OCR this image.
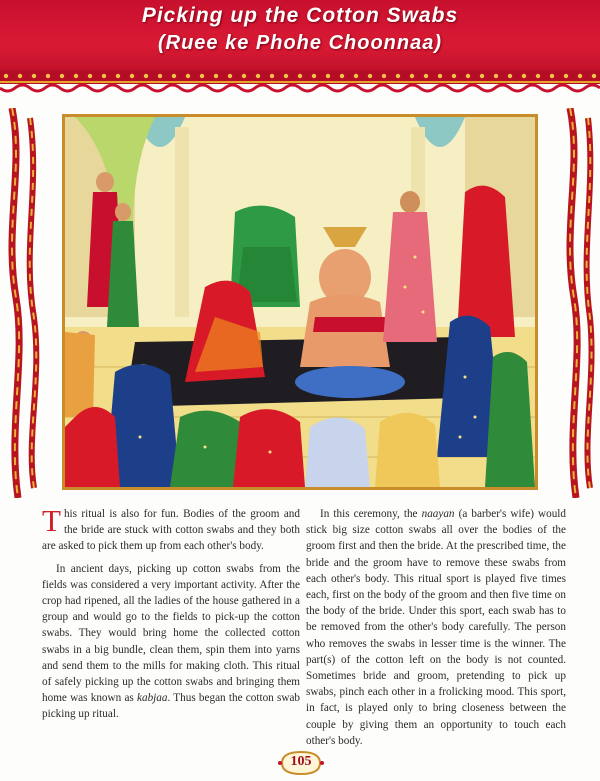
Picking up the Cotton Swabs
(Ruee ke Phohe Choonnaa)

This ritual is also for fun. Bodies of the groom and the bride are stuck with cotton swabs and they both are asked to pick them up from each other's body.

In ancient days, picking up cotton swabs from the fields was considered a very important activity. After the crop had ripened, all the ladies of the house gathered in a group and would go to the fields to pick-up the cotton swabs. They would bring home the collected cotton swabs in a big bundle, clean them, spin them into yarns and send them to the mills for making cloth. This ritual of safely picking up the cotton swabs and bringing them home was known as kabjaa. Thus began the cotton swab picking up ritual.

In this ceremony, the naayan (a barber's wife) would stick big size cotton swabs all over the bodies of the groom first and then the bride. At the prescribed time, the bride and the groom have to remove these swabs from each other's body. This ritual sport is played five times each, first on the body of the groom and then five time on the body of the bride. Under this sport, each swab has to be removed from the other's body carefully. The person who removes the swabs in lesser time is the winner. The part(s) of the cotton left on the body is not counted. Sometimes bride and groom, pretending to pick up swabs, pinch each other in a frolicking mood. This sport, in fact, is played only to bring closeness between the couple by giving them an opportunity to touch each other's body.

105
